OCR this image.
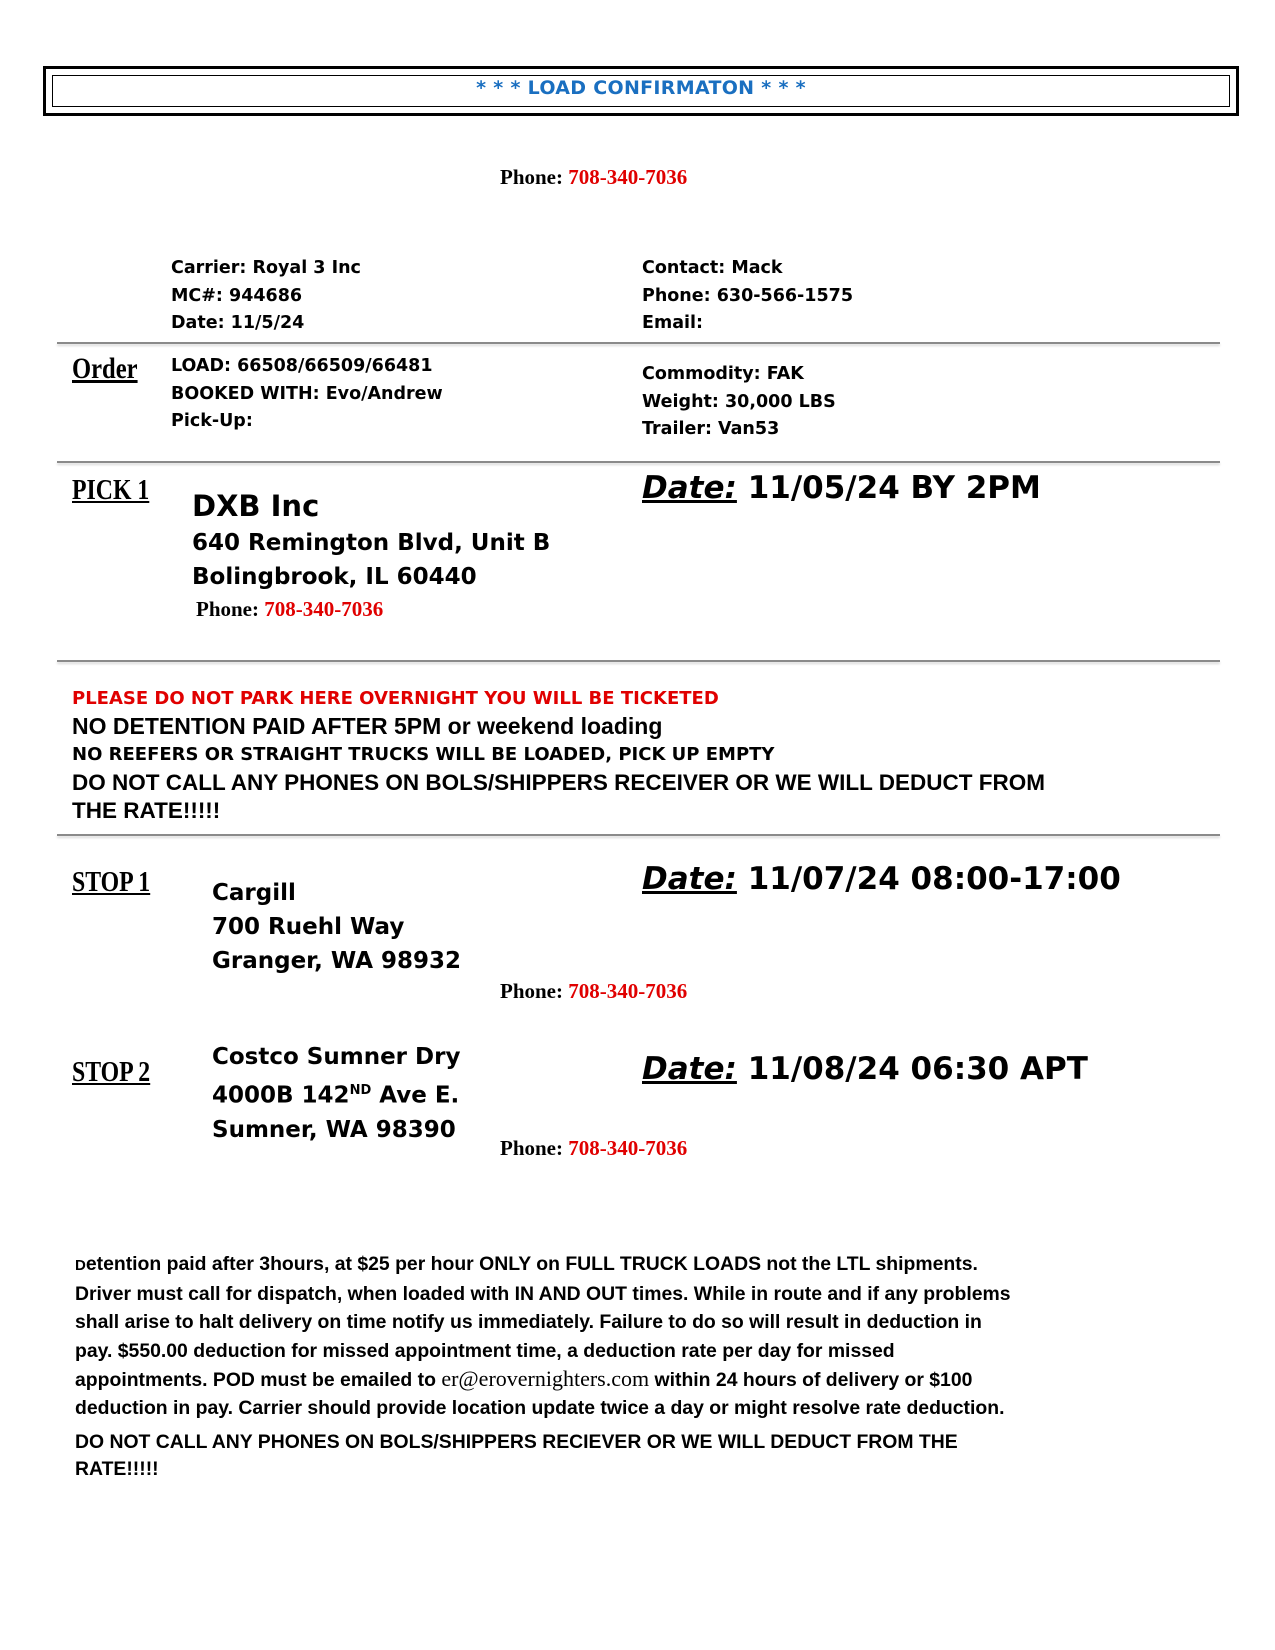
* * * LOAD CONFIRMATON * * *
Phone: 708-340-7036
Carrier: Royal 3 Inc
MC#: 944686
Date: 11/5/24
Contact: Mack
Phone: 630-566-1575
Email:
Order LOAD: 66508/66509/66481
BOOKED WITH: Evo/Andrew
Pick-Up:
Commodity: FAK
Weight: 30,000 LBS
Trailer: Van53
PICK 1 DXB Inc
640 Remington Blvd, Unit B
Bolingbrook, IL 60440
Phone: 708-340-7036
Date: 11/05/24 BY 2PM
PLEASE DO NOT PARK HERE OVERNIGHT YOU WILL BE TICKETED
NO DETENTION PAID AFTER 5PM or weekend loading
NO REEFERS OR STRAIGHT TRUCKS WILL BE LOADED, PICK UP EMPTY
DO NOT CALL ANY PHONES ON BOLS/SHIPPERS RECEIVER OR WE WILL DEDUCT FROM
THE RATE!!!!!
STOP 1	Cargill
700 Ruehl Way
Granger, WA 98932
Date: 11/07/24 08:00-17:00
Phone: 708-340-7036
STOP 2	Costco Sumner Dry
4000B 142ND Ave E.
Sumner, WA 98390
Date: 11/08/24 06:30 APT
Phone: 708-340-7036
Detention paid after 3hours, at $25 per hour ONLY on FULL TRUCK LOADS not the LTL shipments.
Driver must call for dispatch, when loaded with IN AND OUT times. While in route and if any problems
shall arise to halt delivery on time notify us immediately. Failure to do so will result in deduction in
pay. $550.00 deduction for missed appointment time, a deduction rate per day for missed
appointments. POD must be emailed to er@erovernighters.com within 24 hours of delivery or $100
deduction in pay. Carrier should provide location update twice a day or might resolve rate deduction.
DO NOT CALL ANY PHONES ON BOLS/SHIPPERS RECIEVER OR WE WILL DEDUCT FROM THE
RATE!!!!!
